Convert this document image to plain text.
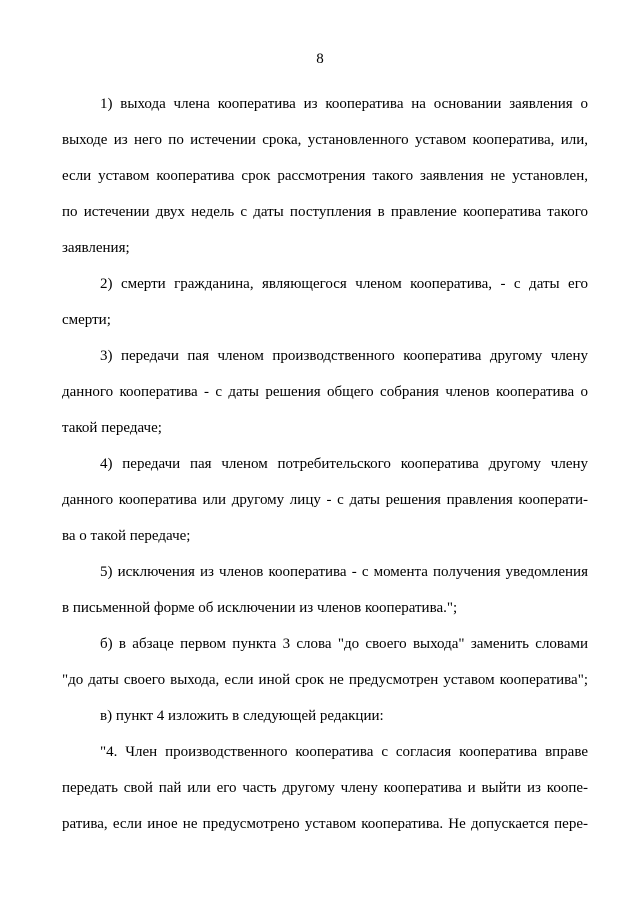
8
1) выхода члена кооператива из кооператива на основании заявления о
выходе из него по истечении срока, установленного уставом кооператива, или,
если уставом кооператива срок рассмотрения такого заявления не установлен,
по истечении двух недель с даты поступления в правление кооператива такого
заявления;
2) смерти гражданина, являющегося членом кооператива, - с даты его
смерти;
3) передачи пая членом производственного кооператива другому члену
данного кооператива - с даты решения общего собрания членов кооператива о
такой передаче;
4) передачи пая членом потребительского кооператива другому члену
данного кооператива или другому лицу - с даты решения правления кооперати-
ва о такой передаче;
5) исключения из членов кооператива - с момента получения уведомления
в письменной форме об исключении из членов кооператива.";
б) в абзаце первом пункта 3 слова "до своего выхода" заменить словами
"до даты своего выхода, если иной срок не предусмотрен уставом кооператива";
в) пункт 4 изложить в следующей редакции:
"4. Член производственного кооператива с согласия кооператива вправе
передать свой пай или его часть другому члену кооператива и выйти из коопе-
ратива, если иное не предусмотрено уставом кооператива. Не допускается пере-
